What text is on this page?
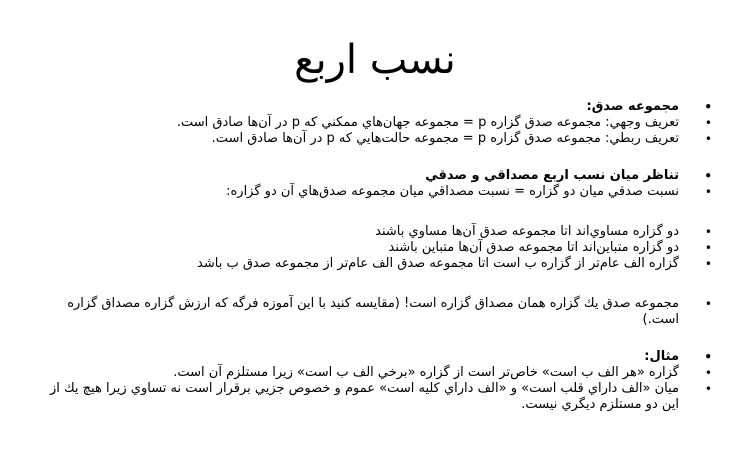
نسب اربع
• مجموعه صدق:
• تعريف وجهي: مجموعه صدق گزاره p = مجموعه جهان‌هاي ممكني كه p در آن‌ها صادق است.
• تعريف ربطي: مجموعه صدق گزاره p = مجموعه حالت‌هايي كه p در آن‌ها صادق است.
• تناظر ميان نسب اربع مصداقي و صدقي
• نسبت صدقي ميان دو گزاره = نسبت مصداقي ميان مجموعه صدق‌هاي آن دو گزاره:
• دو گزاره مساوي‌اند اتا مجموعه صدق آن‌ها مساوي باشند
• دو گزاره متباين‌اند اتا مجموعه صدق آن‌ها متباين باشند
• گزاره الف عام‌تر از گزاره ب است اتا مجموعه صدق الف عام‌تر از مجموعه صدق ب باشد
• مجموعه صدق يك گزاره همان مصداق گزاره است! (مقايسه كنيد با اين آموزه فرگه كه ارزش گزاره مصداق گزاره است.)
• مثال:
• گزاره «هر الف ب است» خاص‌تر است از گزاره «برخي الف ب است» زيرا مستلزم آن است.
• ميان «الف داراي قلب است» و «الف داراي كليه است» عموم و خصوص جزيي برقرار است نه تساوي زيرا هيچ يك از اين دو مستلزم ديگري نيست.
